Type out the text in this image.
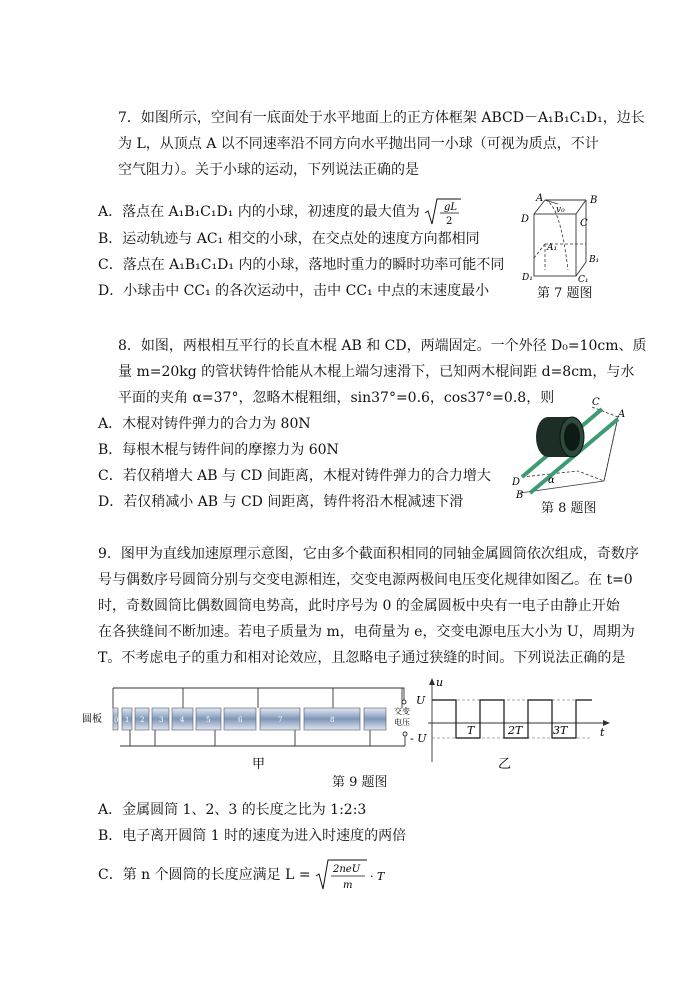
7．如图所示，空间有一底面处于水平地面上的正方体框架 ABCD－A₁B₁C₁D₁，边长
为 L，从顶点 A 以不同速率沿不同方向水平抛出同一小球（可视为质点，不计
空气阻力）。关于小球的运动，下列说法正确的是
A．落点在 A₁B₁C₁D₁ 内的小球，初速度的最大值为 gL
2
B．运动轨迹与 AC₁ 相交的小球，在交点处的速度方向都相同
C．落点在 A₁B₁C₁D₁ 内的小球，落地时重力的瞬时功率可能不同
D．小球击中 CC₁ 的各次运动中，击中 CC₁ 中点的末速度最小
A	B
C
D
A₁
B₁
C₁
D₁
v₀
第 7 题图
8．如图，两根相互平行的长直木棍 AB 和 CD，两端固定。一个外径 D₀=10cm、质
量 m=20kg 的管状铸件恰能从木棍上端匀速滑下，已知两木棍间距 d=8cm，与水
平面的夹角 α=37°，忽略木棍粗细，sin37°=0.6，cos37°=0.8，则
A．木棍对铸件弹力的合力为 80N
B．每根木棍与铸件间的摩擦力为 60N
C．若仅稍增大 AB 与 CD 间距离，木棍对铸件弹力的合力增大
D．若仅稍减小 AB 与 CD 间距离，铸件将沿木棍减速下滑
C
A
D
B
α
第 8 题图
9．图甲为直线加速原理示意图，它由多个截面积相同的同轴金属圆筒依次组成，奇数序
号与偶数序号圆筒分别与交变电源相连，交变电源两极间电压变化规律如图乙。在 t=0
时，奇数圆筒比偶数圆筒电势高，此时序号为 0 的金属圆板中央有一电子由静止开始
在各狭缝间不断加速。若电子质量为 m，电荷量为 e，交变电源电压大小为 U，周期为
T。不考虑电子的重力和相对论效应，且忽略电子通过狭缝的时间。下列说法正确的是
圆板 0 1 2 3 4	5	6	7	8
交变
电压
甲
u
t
U
- U
T	2T	3T
乙
第 9 题图
A．金属圆筒 1、2、3 的长度之比为 1:2:3
B．电子离开圆筒 1 时的速度为进入时速度的两倍
C．第 n 个圆筒的长度应满足 L = 2neU
m
· T
